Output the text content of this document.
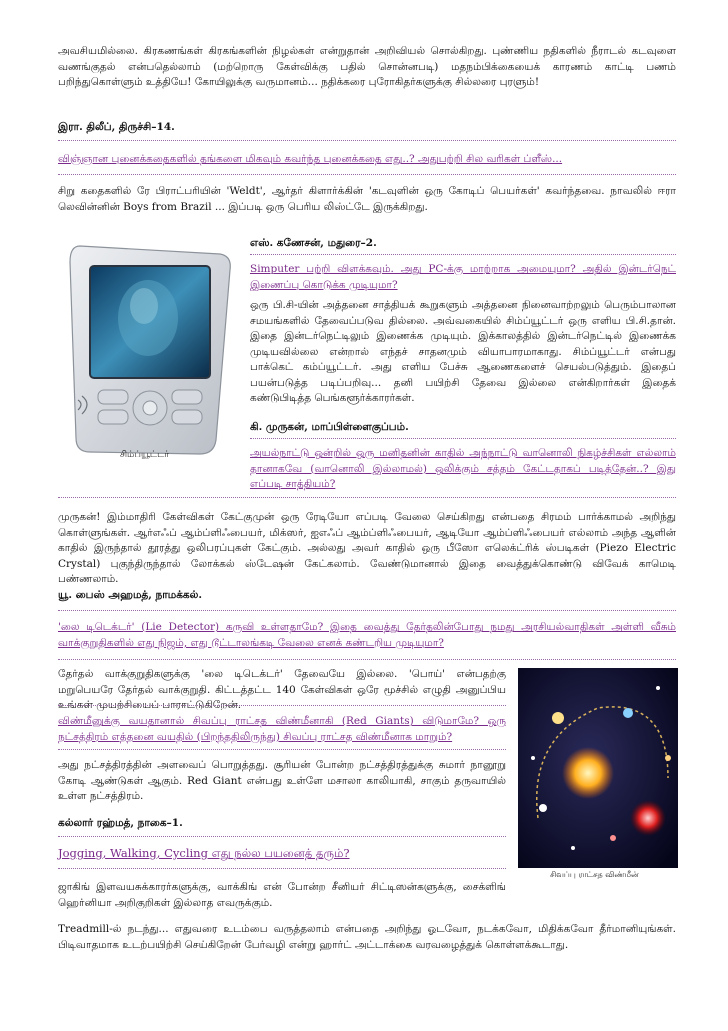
அவசியமில்லை. கிரகணங்கள் கிரகங்களின் நிழல்கள் என்றுதான் அறிவியல் சொல்கிறது. புண்ணிய நதிகளில் நீராடல் கடவுளை வணங்குதல் என்பதெல்லாம் (மற்றொரு கேள்விக்கு பதில் சொன்னபடி) மதநம்பிக்கையைக் காரணம் காட்டி பணம் பறிந்துகொள்ளும் உத்தியே! கோயிலுக்கு வருமானம்... நதிக்கரை புரோகிதர்களுக்கு சில்லரை புரளும்!
இரா. திலீப், திருச்சி–14.
விஞ்ஞான புனைக்கதைகளில் தங்களை மிகவும் கவர்ந்த புனைக்கதை எது..? அதுபற்றி சில வரிகள் ப்ளீஸ்...
சிறு கதைகளில் ரே பிராட்பரியின் 'Weldt', ஆர்தர் கிளார்க்கின் 'கடவுளின் ஒரு கோடிப் பெயர்கள்' கவர்ந்தவை. நாவலில் ஈரா லெவின்னின் Boys from Brazil ... இப்படி ஒரு பெரிய லிஸ்ட்டே இருக்கிறது.
சிம்ப்யூட்டர்
எஸ். கணேசன், மதுரை–2.
Simputer பற்றி விளக்கவும். அது PC-க்கு மாற்றாக அமையுமா? அதில் இன்டர்நெட் இணைப்பு கொடுக்க முடியுமா?
ஒரு பி.சி-யின் அத்தனை சாத்தியக் கூறுகளும் அத்தனை நினைவாற்றலும் பெரும்பாலான சமயங்களில் தேவைப்படுவ தில்லை. அவ்வகையில் சிம்ப்யூட்டர் ஒரு எளிய பி.சி.தான். இதை இன்டர்நெட்டிலும் இணைக்க முடியும். இக்காலத்தில் இன்டர்நெட்டில் இணைக்க முடியவில்லை என்றால் எந்தச் சாதனமும் வியாபாரமாகாது. சிம்ப்யூட்டர் என்பது பாக்கெட் கம்ப்யூட்டர். அது எளிய பேச்சு ஆணைகளைச் செயல்படுத்தும். இதைப் பயன்படுத்த படிப்பறிவு... தனி பயிற்சி தேவை இல்லை என்கிறார்கள் இதைக் கண்டுபிடித்த பெங்களூர்க்காரர்கள்.
கி. முருகன், மாப்பிள்ளைகுப்பம்.
அயல்நாட்டு ஒன்றில் ஒரு மனிதனின் காதில் அந்நாட்டு வானொலி நிகழ்ச்சிகள் எல்லாம் தானாகவே (வானொலி இல்லாமல்) ஒலிக்கும் சத்தம் கேட்டதாகப் படித்தேன்..? இது எப்படி சாத்தியம்?
முருகன்! இம்மாதிரி கேள்விகள் கேட்குமுன் ஒரு ரேடியோ எப்படி வேலை செய்கிறது என்பதை சிரமம் பார்க்காமல் அறிந்து கொள்ளுங்கள். ஆர்எஃப் ஆம்ப்ளிஃபையர், மிக்ஸர், ஐஎஃப் ஆம்ப்ளிஃபையர், ஆடியோ ஆம்ப்ளிஃபையர் எல்லாம் அந்த ஆளின் காதில் இருந்தால் தூரத்து ஒலிபரப்புகள் கேட்கும். அல்லது அவர் காதில் ஒரு பீஸோ எலெக்ட்ரிக் ஸ்படிகள் (Piezo Electric Crystal) புகுந்திருந்தால் லோக்கல் ஸ்டேஷன் கேட்கலாம். வேண்டுமானால் இதை வைத்துக்கொண்டு விவேக் காமெடி பண்ணலாம்.
யூ. பைஸ் அஹமத், நாமக்கல்.
'லை டிடெக்டர்' (Lie Detector) கருவி உள்ளதாமே? இதை வைத்து தேர்தலின்போது நமது அரசியல்வாதிகள் அள்ளி வீசும் வாக்குறுதிகளில் எது நிஜம், எது டூட்டாலங்கடி வேலை எனக் கண்டறிய முடியுமா?
தேர்தல் வாக்குறுதிகளுக்கு 'லை டிடெக்டர்' தேவையே இல்லை. 'பொய்' என்பதற்கு மறுபெயரே தேர்தல் வாக்குறுதி. கிட்டத்தட்ட 140 கேள்விகள் ஒரே மூச்சில் எழுதி அனுப்பிய உங்கள் முயற்சியைப் பாராட்டுகிறேன்.
சிவப்பு ராட்சத விண்மீன்
விண்மீனுக்கு வயதானால் சிவப்பு ராட்சத விண்மீனாகி (Red Giants) விடுமாமே? ஒரு நட்சத்திரம் எத்தனை வயதில் (பிறந்ததிலிருந்து) சிவப்பு ராட்சத விண்மீனாக மாறும்?
அது நட்சத்திரத்தின் அளவைப் பொறுத்தது. சூரியன் போன்ற நட்சத்திரத்துக்கு சுமார் நானூறு கோடி ஆண்டுகள் ஆகும். Red Giant என்பது உள்ளே மசாலா காலியாகி, சாகும் தருவாயில் உள்ள நட்சத்திரம்.
கல்லார் ரஹ்மத், நாகை–1.
Jogging, Walking, Cycling எது நல்ல பயனைத் தரும்?
ஜாகிங் இளவயசுக்காரர்களுக்கு, வாக்கிங் என் போன்ற சீனியர் சிட்டிஸன்களுக்கு, சைக்ளிங் ஹெர்னியா அறிகுறிகள் இல்லாத எவருக்கும்.
Treadmill-ல் நடந்து... எதுவரை உடம்பை வருத்தலாம் என்பதை அறிந்து ஓடவோ, நடக்கவோ, மிதிக்கவோ தீர்மானியுங்கள். பிடிவாதமாக உடற்பயிற்சி செய்கிறேன் பேர்வழி என்று ஹார்ட் அட்டாக்கை வரவழைத்துக் கொள்ளக்கூடாது.
